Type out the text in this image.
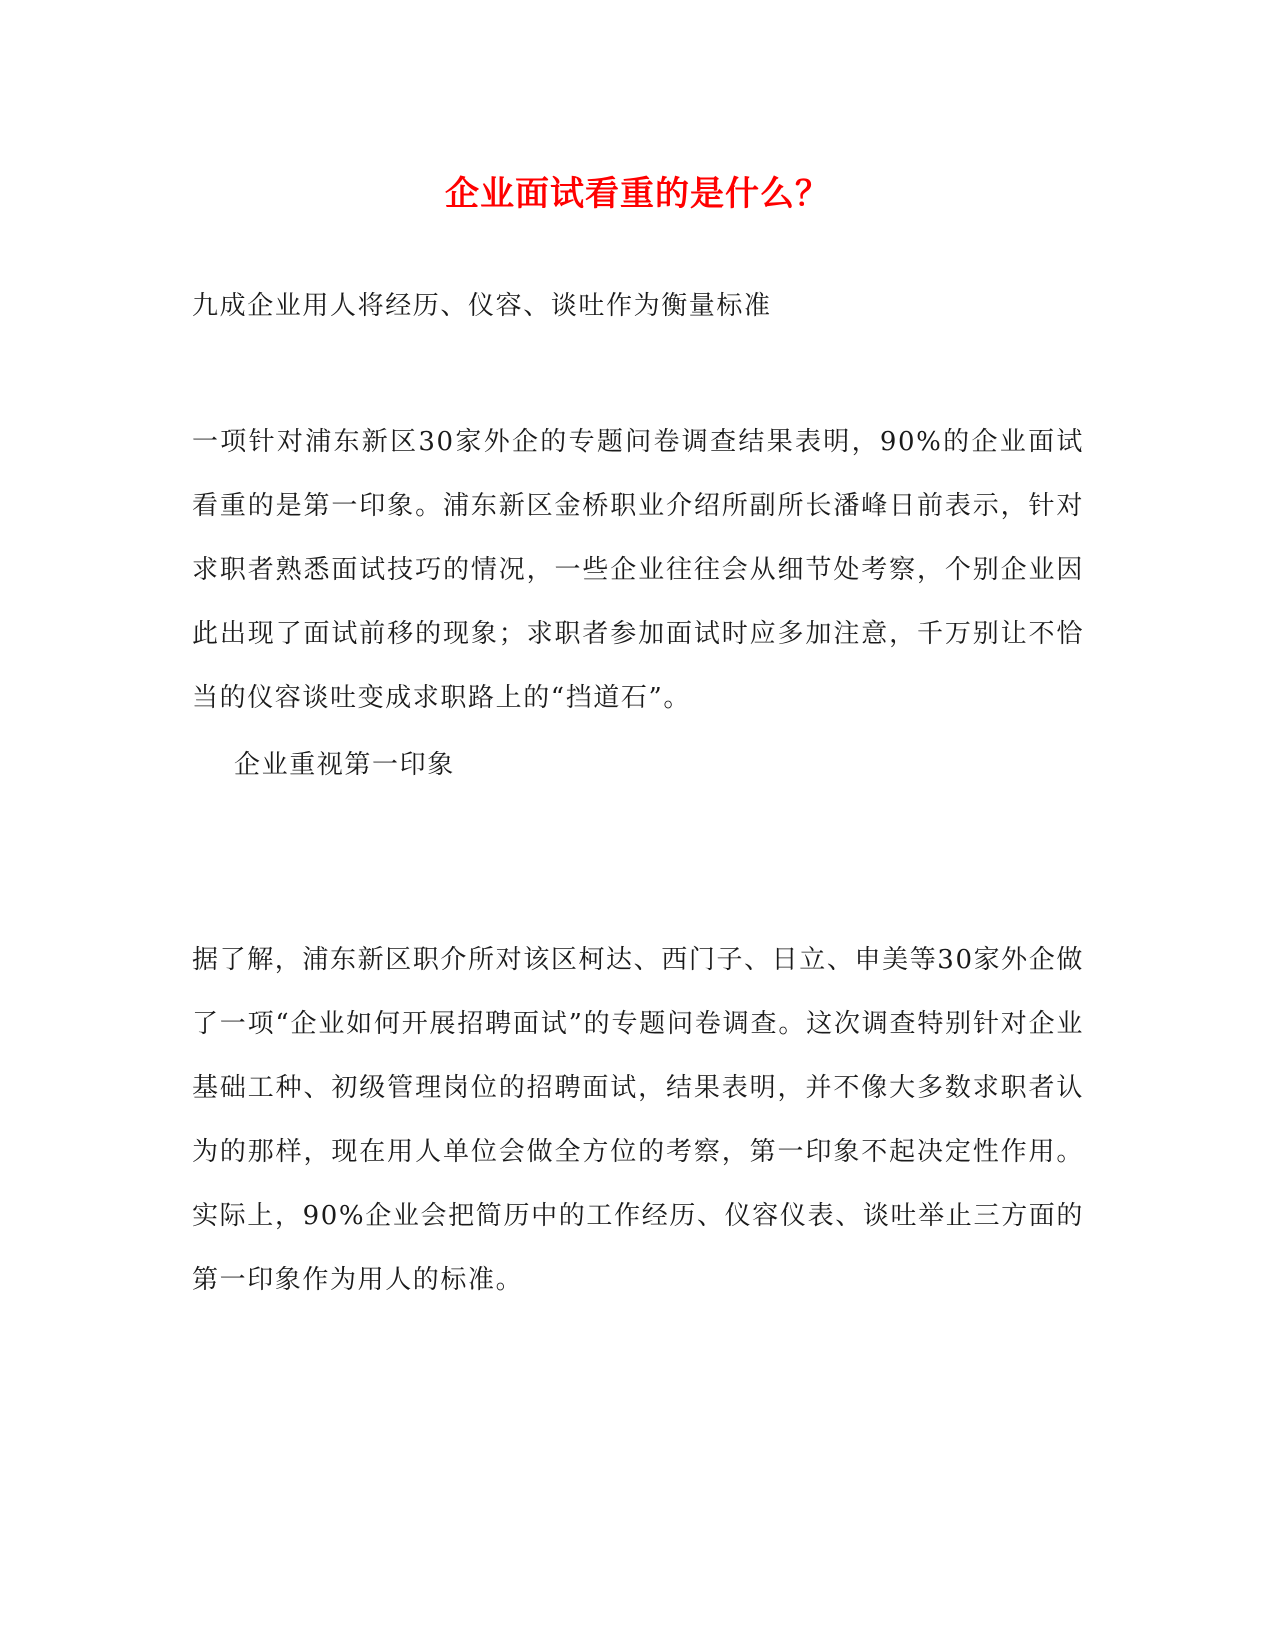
企业面试看重的是什么？

九成企业用人将经历、仪容、谈吐作为衡量标准

一项针对浦东新区30家外企的专题问卷调查结果表明，90%的企业面试看重的是第一印象。浦东新区金桥职业介绍所副所长潘峰日前表示，针对求职者熟悉面试技巧的情况，一些企业往往会从细节处考察，个别企业因此出现了面试前移的现象；求职者参加面试时应多加注意，千万别让不恰当的仪容谈吐变成求职路上的“挡道石”。

企业重视第一印象

据了解，浦东新区职介所对该区柯达、西门子、日立、申美等30家外企做了一项“企业如何开展招聘面试”的专题问卷调查。这次调查特别针对企业基础工种、初级管理岗位的招聘面试，结果表明，并不像大多数求职者认为的那样，现在用人单位会做全方位的考察，第一印象不起决定性作用。实际上，90%企业会把简历中的工作经历、仪容仪表、谈吐举止三方面的第一印象作为用人的标准。
